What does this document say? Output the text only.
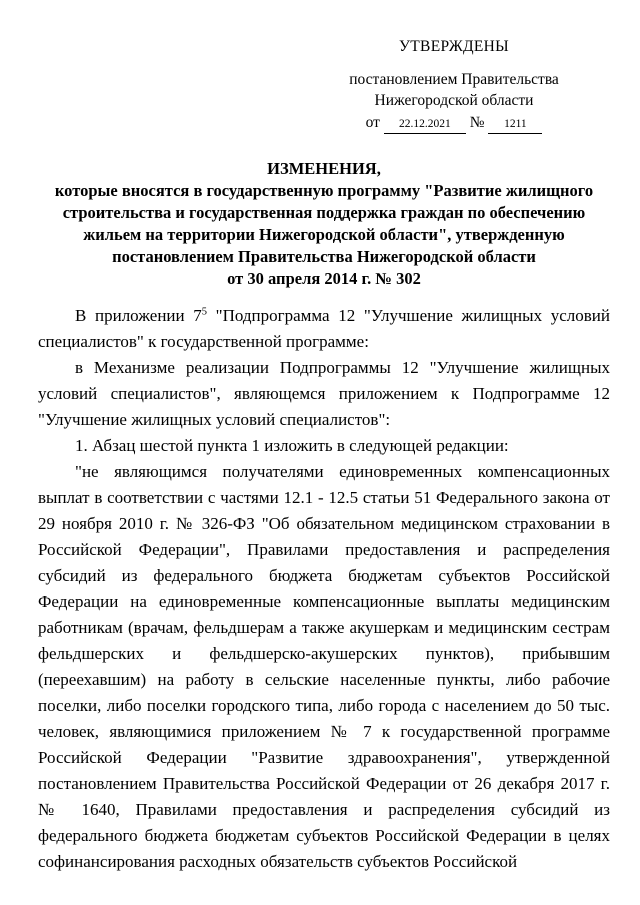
УТВЕРЖДЕНЫ
постановлением Правительства
Нижегородской области
от 22.12.2021 № 1211
ИЗМЕНЕНИЯ,
которые вносятся в государственную программу "Развитие жилищного
строительства и государственная поддержка граждан по обеспечению
жильем на территории Нижегородской области", утвержденную
постановлением Правительства Нижегородской области
от 30 апреля 2014 г. № 302

В приложении $7^5$ "Подпрограмма 12 "Улучшение жилищных условий специалистов" к государственной программе:

в Механизме реализации Подпрограммы 12 "Улучшение жилищных условий специалистов", являющемся приложением к Подпрограмме 12 "Улучшение жилищных условий специалистов":

1. Абзац шестой пункта 1 изложить в следующей редакции:

"не являющимся получателями единовременных компенсационных выплат в соответствии с частями 12.1 - 12.5 статьи 51 Федерального закона от 29 ноября 2010 г. № 326-ФЗ "Об обязательном медицинском страховании в Российской Федерации", Правилами предоставления и распределения субсидий из федерального бюджета бюджетам субъектов Российской Федерации на единовременные компенсационные выплаты медицинским работникам (врачам, фельдшерам а также акушеркам и медицинским сестрам фельдшерских и фельдшерско-акушерских пунктов), прибывшим (переехавшим) на работу в сельские населенные пункты, либо рабочие поселки, либо поселки городского типа, либо города с населением до 50 тыс. человек, являющимися приложением № 7 к государственной программе Российской Федерации "Развитие здравоохранения", утвержденной постановлением Правительства Российской Федерации от 26 декабря 2017 г. № 1640, Правилами предоставления и распределения субсидий из федерального бюджета бюджетам субъектов Российской Федерации в целях софинансирования расходных обязательств субъектов Российской
